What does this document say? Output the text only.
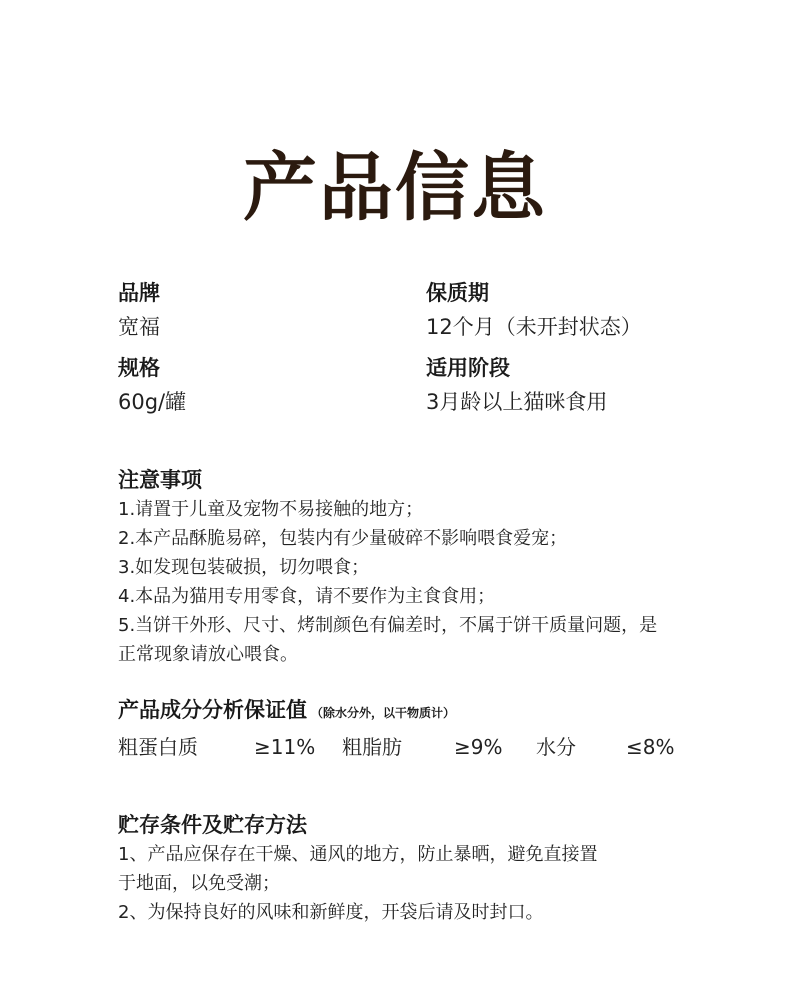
产品信息
品牌
宽福
保质期
12个月（未开封状态）
规格
60g/罐
适用阶段
3月龄以上猫咪食用
注意事项
1.请置于儿童及宠物不易接触的地方；
2.本产品酥脆易碎，包装内有少量破碎不影响喂食爱宠；
3.如发现包装破损，切勿喂食；
4.本品为猫用专用零食，请不要作为主食食用；
5.当饼干外形、尺寸、烤制颜色有偏差时，不属于饼干质量问题，是
正常现象请放心喂食。
产品成分分析保证值 （除水分外，以干物质计）
粗蛋白质	≥11% 粗脂肪	≥9% 水分	≤8%
贮存条件及贮存方法
1、产品应保存在干燥、通风的地方，防止暴晒，避免直接置
于地面，以免受潮；
2、为保持良好的风味和新鲜度，开袋后请及时封口。
